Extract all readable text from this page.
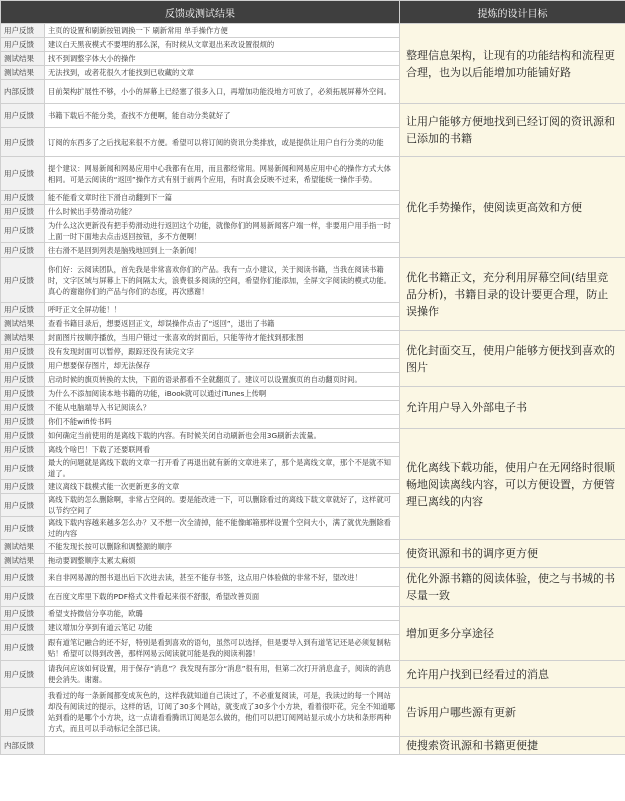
反馈或测试结果		提炼的设计目标
用户反馈	主页的设置和刷新按钮调换一下 刷新常用 单手操作方便	整理信息架构，让现有的功能结构和流程更合理，也为以后能增加功能铺好路
用户反馈	建议白天黑夜模式不要埋的那么深，有时候从文章退出来改设置很烦的	
测试结果	找不到调整字体大小的操作	
测试结果	无法找到，或者花很久才能找到已收藏的文章	
内部反馈	目前架构扩展性不够，小小的屏幕上已经塞了很多入口，再增加功能没地方可放了，必须拓展屏幕外空间。	
用户反馈	书籍下载后不能分类，查找不方便啊，能自动分类就好了	让用户能够方便地找到已经订阅的资讯源和已添加的书籍
用户反馈	订阅的东西多了之后找起来很不方便。希望可以将订阅的资讯分类排放，或是提供让用户自行分类的功能	
用户反馈	提个建议：网易新闻和网易应用中心我都有在用，而且都经常用。网易新闻和网易应用中心的操作方式大体相同。可是云阅读的“返回”操作方式有别于前两个应用，有时真会反映不过来，希望能统一操作手势。	优化手势操作，使阅读更高效和方便
用户反馈	能不能看文章时往下滑自动翻到下一篇	
用户反馈	什么时候出手势滑动功能？	
用户反馈	为什么这次更新没有把手势滑动进行返回这个功能，就像你们的网易新闻客户端一样，非要用户用手指一时上面一时下面地去点击返回按钮，多不方便啊！	
用户反馈	往右滑不是回到列表是脑残地回到上一条新闻！	
用户反馈	你们好：云阅读团队，首先我是非常喜欢你们的产品。我有一点小建议，关于阅读书籍，当我在阅读书籍时，文字区域与屏幕上下的间隔太大，浪费很多阅读的空间，希望你们能添加，全屏文字阅读的模式功能。真心的谢谢你们的产品与你们的态度，再次感谢！	优化书籍正文，充分利用屏幕空间(结里竞品分析)，书籍目录的设计要更合理，防止误操作
用户反馈	呼吁正文全屏功能！！	
测试结果	查看书籍目录后，想要返回正文，却误操作点击了“返回”，退出了书籍	
测试结果	封面图片按顺序播放，当用户错过一张喜欢的封面后，只能等待才能找到那张图	优化封面交互，使用户能够方便找到喜欢的图片
用户反馈	没有发现封面可以暂停，跟踪还没有读完文字	
用户反馈	用户想要保存图片，却无法保存	
用户反馈	启动时候的旗页转换的太快，下面的语录都看不全就翻页了。建议可以设置旗页的自动翻页时间。	
用户反馈	为什么不添加阅读本地书籍的功能，iBook就可以通过iTunes上传啊	允许用户导入外部电子书
用户反馈	不能从电脑端导入书记阅读么？	
用户反馈	你们不能wifi传书吗	
用户反馈	如何确定当前使用的是离线下载的内容。有时候关闭自动刷新也会用3G刷新去流量。	优化离线下载功能，使用户在无网络时很顺畅地阅读离线内容，可以方便设置，方便管理已离线的内容
用户反馈	离线个啥巴！下载了还要联网看	
用户反馈	最大的问题就是离线下载的文章一打开看了再退出就有新的文章进来了，那个是离线文章，那个不是就不知道了。	
用户反馈	建议离线下载模式能一次更新更多的文章	
用户反馈	离线下载的怎么删除啊，非常占空间的。要是能改进一下，可以删除看过的离线下载文章就好了，这样就可以节约空间了	
用户反馈	离线下载内容越来越多怎么办？又不想一次全清掉，能不能像邮箱那样设置个空间大小，满了就优先删除看过的内容	
测试结果	不能发现长按可以删除和调整源的顺序	使资讯源和书的调序更方便
测试结果	拖动要调整顺序太累太麻烦	
用户反馈	来自非网易源的图书退出后下次进去读，甚至不能存书签，这点用户体验做的非常不好，望改进！	优化外源书籍的阅读体验，使之与书城的书尽量一致
用户反馈	在百度文库里下载的PDF格式文件看起来很不舒服，希望改善页面	
用户反馈	希望支持微信分享功能，欧璐	增加更多分享途径
用户反馈	建议增加分享到有道云笔记 功能	
用户反馈	跟有道笔记融合的还不好，特别是看到喜欢的语句，虽然可以选择，但是要导入到有道笔记还是必须复制粘贴！希望可以得到改善，那样网易云阅读就可能是我的阅读利器！	
用户反馈	请我问应该如何设置，用于保存“消息”？我发现有部分“消息”很有用，但第二次打开消息盒子，阅读的消息便会消失。谢谢。	允许用户找到已经看过的消息
用户反馈	我看过的每一条新闻都变成灰色的，这样我就知道自己读过了，不必重复阅读，可是，我读过的每一个网站却没有阅读过的提示，这样的话，订阅了30多个网站，就变成了30多个小方块，看着很吓花，完全不知道哪站到看的是哪个小方块，这一点请看看腾讯订阅是怎么做的，他们可以把订阅网站显示成小方块和条形两种方式，而且可以手动标记全部已读。	告诉用户哪些源有更新
内部反馈		使搜索资讯源和书籍更便捷
